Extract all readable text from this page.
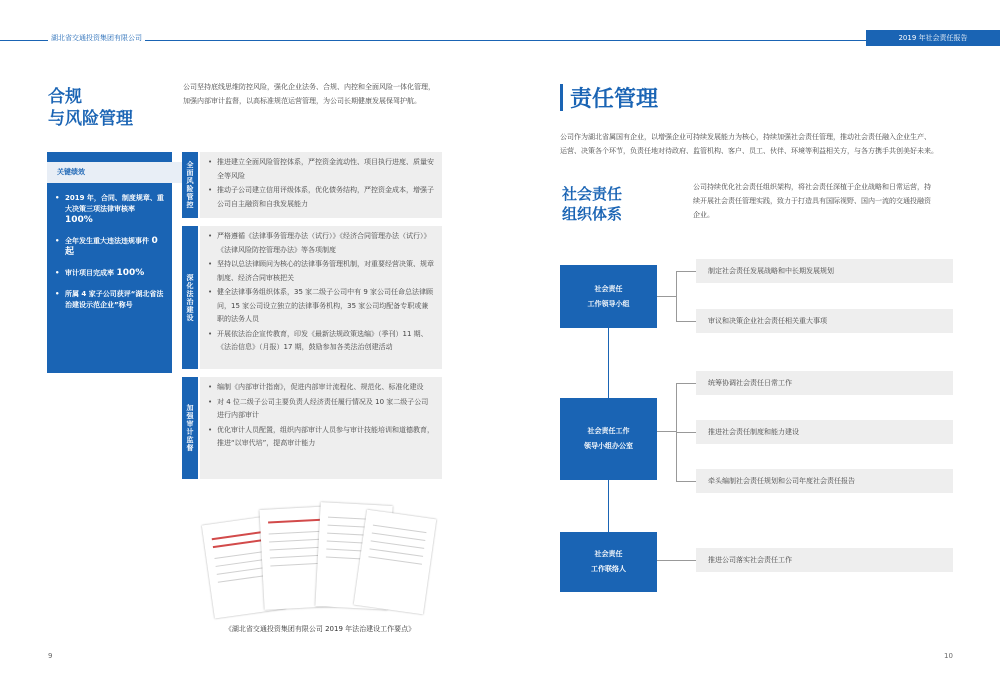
湖北省交通投资集团有限公司	2019 年社会责任报告
合规
与风险管理
公司坚持底线思维防控风险，强化企业法务、合规、内控和全面风险一体化管理，
加强内部审计监督，以高标准规范运营管理，为公司长期健康发展保驾护航。
关键绩效
• 2019 年，合同、制度规章、重大决策三项法律审核率 100%
• 全年发生重大违法违规事件 0 起
• 审计项目完成率 100%
• 所属 4 家子公司获评“湖北省法治建设示范企业”称号
全面风险管控
•	推进建立全面风险管控体系，严控资金流动性、项目执行进度、质量安全等风险
• 推动子公司建立信用评级体系，优化债务结构，严控资金成本，增强子公司自主融资和自我发展能力
深化法治建设
• 严格遵循《法律事务管理办法（试行）》《经济合同管理办法（试行）》《法律风险防控管理办法》等各项制度
• 坚持以总法律顾问为核心的法律事务管理机制，对重要经营决策、规章制度、经济合同审核把关
• 健全法律事务组织体系，35 家二级子公司中有 9 家公司任命总法律顾问，15 家公司设立独立的法律事务机构，35 家公司均配备专职或兼职的法务人员
• 开展依法治企宣传教育，印发《最新法规政策选编》（季刊）11 期、《法治信息》（月报）17 期，鼓励参加各类法治创建活动
加强审计监督
• 编制《内部审计指南》，促进内部审计流程化、规范化、标准化建设
• 对 4 位二级子公司主要负责人经济责任履行情况及 10 家二级子公司进行内部审计
• 优化审计人员配置，组织内部审计人员参与审计技能培训和道德教育，推进“以审代培”，提高审计能力
《湖北省交通投资集团有限公司 2019 年法治建设工作要点》
9
责任管理
公司作为湖北省属国有企业，以增强企业可持续发展能力为核心，持续加强社会责任管理，推动社会责任融入企业生产、
运营、决策各个环节，负责任地对待政府、监管机构、客户、员工、伙伴、环境等利益相关方，与各方携手共创美好未来。
社会责任
组织体系
公司持续优化社会责任组织架构，将社会责任深植于企业战略和日常运营，持
续开展社会责任管理实践，致力于打造具有国际视野、国内一流的交通投融资
企业。
社会责任
工作领导小组
社会责任工作
领导小组办公室
社会责任
工作联络人
制定社会责任发展战略和中长期发展规划
审议和决策企业社会责任相关重大事项
统筹协调社会责任日常工作
推进社会责任制度和能力建设
牵头编制社会责任规划和公司年度社会责任报告
推进公司落实社会责任工作
10
